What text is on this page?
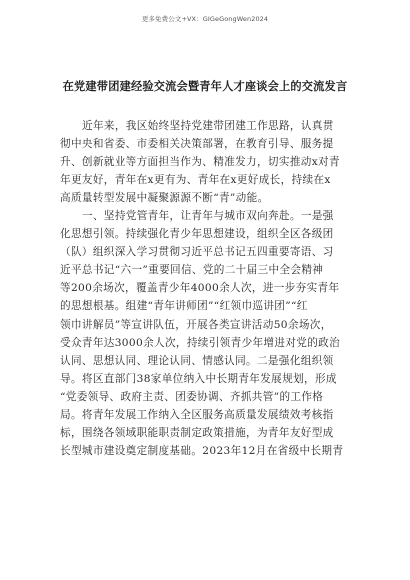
更多免费公文+VX：GIGeGongWen2024
在党建带团建经验交流会暨青年人才座谈会上的交流发言
近年来，我区始终坚持党建带团建工作思路，认真贯
彻中央和省委、市委相关决策部署，在教育引导、服务提
升、创新就业等方面担当作为、精准发力，切实推动x对青
年更友好，青年在x更有为、青年在x更好成长，持续在x
高质量转型发展中凝聚源源不断“青”动能。
一、坚持党管青年，让青年与城市双向奔赴。一是强
化思想引领。持续强化青少年思想建设，组织全区各级团
（队）组织深入学习贯彻习近平总书记五四重要寄语、习
近平总书记“六一”重要回信、党的二十届三中全会精神
等200余场次，覆盖青少年4000余人次，进一步夯实青年
的思想根基。组建“青年讲师团”“红领巾巡讲团”“红
领巾讲解员”等宣讲队伍，开展各类宣讲活动50余场次，
受众青年达3000余人次，持续引领青少年增进对党的政治
认同、思想认同、理论认同、情感认同。二是强化组织领
导。将区直部门38家单位纳入中长期青年发展规划，形成
“党委领导、政府主责、团委协调、齐抓共管”的工作格
局。将青年发展工作纳入全区服务高质量发展绩效考核指
标，围绕各领域职能职责制定政策措施，为青年友好型成
长型城市建设奠定制度基础。2023年12月在省级中长期青
